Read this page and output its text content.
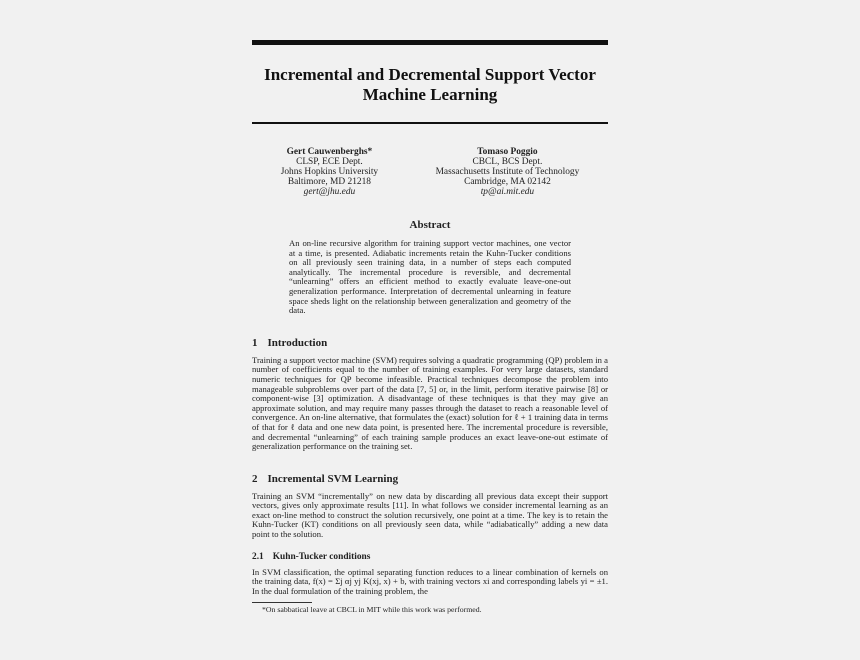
Incremental and Decremental Support Vector
Machine Learning
Gert Cauwenberghs*
CLSP, ECE Dept.
Johns Hopkins University
Baltimore, MD 21218
gert@jhu.edu
Tomaso Poggio
CBCL, BCS Dept.
Massachusetts Institute of Technology
Cambridge, MA 02142
tp@ai.mit.edu
Abstract
An on-line recursive algorithm for training support vector machines, one vector at a time, is presented. Adiabatic increments retain the Kuhn-Tucker conditions on all previously seen training data, in a number of steps each computed analytically. The incremental procedure is reversible, and decremental “unlearning” offers an efficient method to exactly evaluate leave-one-out generalization performance. Interpretation of decremental unlearning in feature space sheds light on the relationship between generalization and geometry of the data.
1 Introduction
Training a support vector machine (SVM) requires solving a quadratic programming (QP) problem in a number of coefficients equal to the number of training examples. For very large datasets, standard numeric techniques for QP become infeasible. Practical techniques decompose the problem into manageable subproblems over part of the data [7, 5] or, in the limit, perform iterative pairwise [8] or component-wise [3] optimization. A disadvantage of these techniques is that they may give an approximate solution, and may require many passes through the dataset to reach a reasonable level of convergence. An on-line alternative, that formulates the (exact) solution for ℓ + 1 training data in terms of that for ℓ data and one new data point, is presented here. The incremental procedure is reversible, and decremental “unlearning” of each training sample produces an exact leave-one-out estimate of generalization performance on the training set.
2 Incremental SVM Learning
Training an SVM “incrementally” on new data by discarding all previous data except their support vectors, gives only approximate results [11]. In what follows we consider incremental learning as an exact on-line method to construct the solution recursively, one point at a time. The key is to retain the Kuhn-Tucker (KT) conditions on all previously seen data, while “adiabatically” adding a new data point to the solution.
2.1 Kuhn-Tucker conditions
In SVM classification, the optimal separating function reduces to a linear combination of kernels on the training data, f(x) = Σj αj yj K(xj, x) + b, with training vectors xi and corresponding labels yi = ±1. In the dual formulation of the training problem, the
*On sabbatical leave at CBCL in MIT while this work was performed.
